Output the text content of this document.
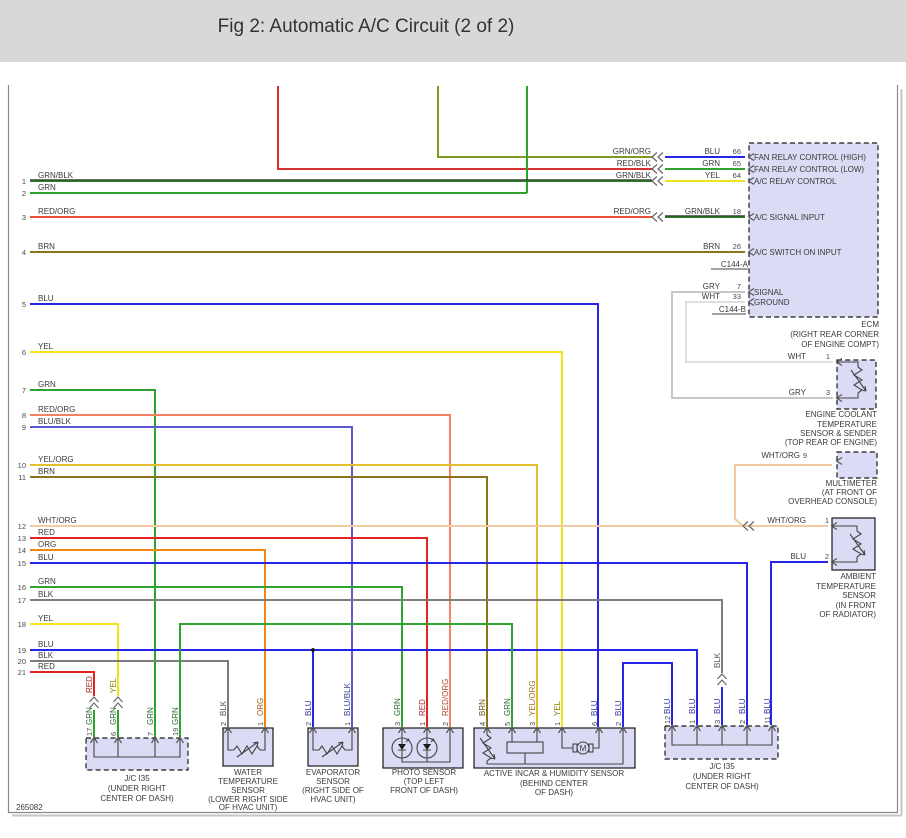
Fig 2: Automatic A/C Circuit (2 of 2)
1
GRN/BLK
2
GRN
3
RED/ORG
4
BRN
5
BLU
6
YEL
7
GRN
8
RED/ORG
9
BLU/BLK
10
YEL/ORG
11
BRN
12
WHT/ORG
13
RED
14
ORG
15
BLU
16
GRN
17
BLK
18
YEL
19
BLU
20
BLK
21
RED
GRN/ORG
RED/BLK
GRN/BLK
RED/ORG
BLU 66
FAN RELAY CONTROL (HIGH)
GRN 65
FAN RELAY CONTROL (LOW)
YEL 64
A/C RELAY CONTROL
GRN/BLK 18
A/C SIGNAL INPUT
BRN 26
A/C SWITCH ON INPUT
GRY 7
SIGNAL
WHT 33
GROUND
C144-A
C144-B
ECM
(RIGHT REAR CORNER
OF ENGINE COMPT)
WHT	1
GRY	3
ENGINE COOLANT
TEMPERATURE
SENSOR & SENDER
(TOP REAR OF ENGINE)
WHT/ORG 9
MULTIMETER
(AT FRONT OF
OVERHEAD CONSOLE)
WHT/ORG	1
BLU	2
AMBIENT
TEMPERATURE
SENSOR
(IN FRONT
OF RADIATOR)
RED
GRN
17
YEL
GRN
6
GRN
7
GRN
19
J/C I35
(UNDER RIGHT
CENTER OF DASH)
BLK
2
ORG
1
WATER
TEMPERATURE
SENSOR
(LOWER RIGHT SIDE
OF HVAC UNIT)
BLU
2
BLU/BLK
1
EVAPORATOR
SENSOR
(RIGHT SIDE OF
HVAC UNIT)
GRN
3
RED
1
RED/ORG
2
PHOTO SENSOR
(TOP LEFT
FRONT OF DASH)
M
BRN
4
GRN
5
YEL/ORG
3
YEL
1
BLU
6
BLU
2
ACTIVE INCAR & HUMIDITY SENSOR
(BEHIND CENTER
OF DASH)
BLU
12
BLU
1
BLK
BLU
3
BLU
2
BLU
11
J/C I35
(UNDER RIGHT
CENTER OF DASH)
265082
